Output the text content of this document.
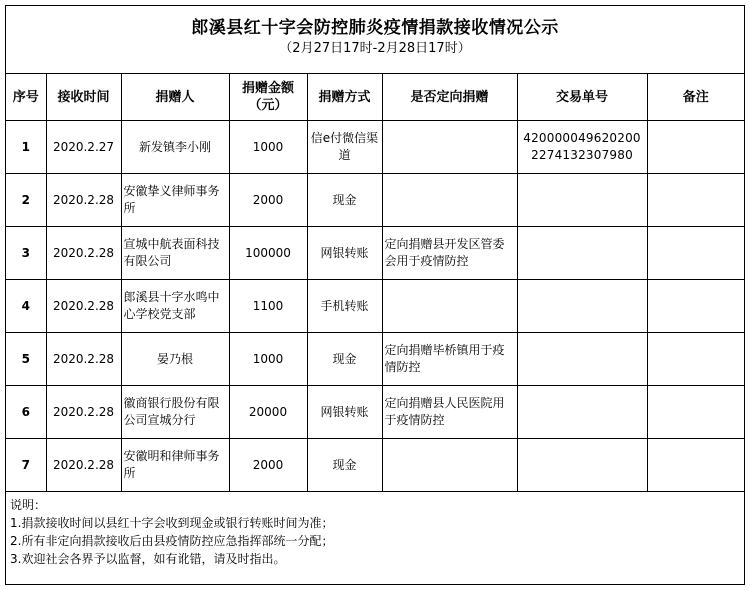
郎溪县红十字会防控肺炎疫情捐款接收情况公示
（2月27日17时-2月28日17时）
序号	接收时间	捐赠人	捐赠金额（元）	捐赠方式	是否定向捐赠	交易单号	备注
1	2020.2.27	新发镇李小刚	1000	信e付微信渠道		4200000496202002274132307980	
2	2020.2.28	安徽挚义律师事务所	2000	现金			
3	2020.2.28	宣城中航表面科技有限公司	100000	网银转账	定向捐赠县开发区管委会用于疫情防控		
4	2020.2.28	郎溪县十字水鸣中心学校党支部	1100	手机转账			
5	2020.2.28	晏乃根	1000	现金	定向捐赠毕桥镇用于疫情防控		
6	2020.2.28	徽商银行股份有限公司宣城分行	20000	网银转账	定向捐赠县人民医院用于疫情防控		
7	2020.2.28	安徽明和律师事务所	2000	现金			
说明：
1.捐款接收时间以县红十字会收到现金或银行转账时间为准；
2.所有非定向捐款接收后由县疫情防控应急指挥部统一分配；
3.欢迎社会各界予以监督，如有讹错，请及时指出。
